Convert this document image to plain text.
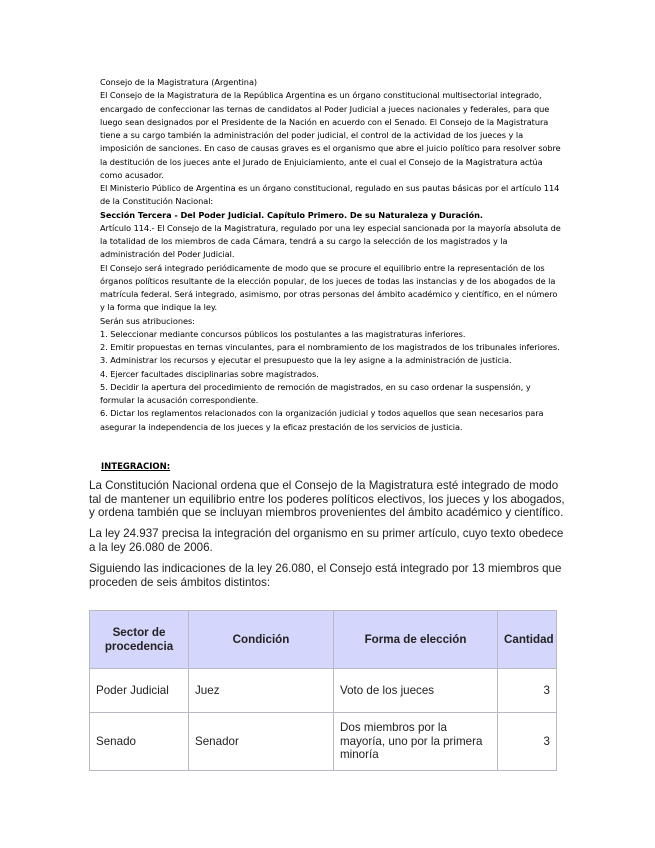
Consejo de la Magistratura (Argentina)

El Consejo de la Magistratura de la República Argentina es un órgano constitucional multisectorial integrado, encargado de confeccionar las ternas de candidatos al Poder Judicial a jueces nacionales y federales, para que luego sean designados por el Presidente de la Nación en acuerdo con el Senado. El Consejo de la Magistratura tiene a su cargo también la administración del poder judicial, el control de la actividad de los jueces y la imposición de sanciones. En caso de causas graves es el organismo que abre el juicio político para resolver sobre la destitución de los jueces ante el Jurado de Enjuiciamiento, ante el cual el Consejo de la Magistratura actúa como acusador.

El Ministerio Público de Argentina es un órgano constitucional, regulado en sus pautas básicas por el artículo 114 de la Constitución Nacional:

Sección Tercera - Del Poder Judicial. Capítulo Primero. De su Naturaleza y Duración.

Artículo 114.- El Consejo de la Magistratura, regulado por una ley especial sancionada por la mayoría absoluta de la totalidad de los miembros de cada Cámara, tendrá a su cargo la selección de los magistrados y la administración del Poder Judicial.

El Consejo será integrado periódicamente de modo que se procure el equilibrio entre la representación de los órganos políticos resultante de la elección popular, de los jueces de todas las instancias y de los abogados de la matrícula federal. Será integrado, asimismo, por otras personas del ámbito académico y científico, en el número y la forma que indique la ley.

Serán sus atribuciones:

1. Seleccionar mediante concursos públicos los postulantes a las magistraturas inferiores.

2. Emitir propuestas en ternas vinculantes, para el nombramiento de los magistrados de los tribunales inferiores.

3. Administrar los recursos y ejecutar el presupuesto que la ley asigne a la administración de justicia.

4. Ejercer facultades disciplinarias sobre magistrados.

5. Decidir la apertura del procedimiento de remoción de magistrados, en su caso ordenar la suspensión, y formular la acusación correspondiente.

6. Dictar los reglamentos relacionados con la organización judicial y todos aquellos que sean necesarios para asegurar la independencia de los jueces y la eficaz prestación de los servicios de justicia.

INTEGRACION:

La Constitución Nacional ordena que el Consejo de la Magistratura esté integrado de modo tal de mantener un equilibrio entre los poderes políticos electivos, los jueces y los abogados, y ordena también que se incluyan miembros provenientes del ámbito académico y científico.

La ley 24.937 precisa la integración del organismo en su primer artículo, cuyo texto obedece a la ley 26.080 de 2006.

Siguiendo las indicaciones de la ley 26.080, el Consejo está integrado por 13 miembros que proceden de seis ámbitos distintos:

Sector de procedencia	Condición	Forma de elección	Cantidad
Poder Judicial	Juez	Voto de los jueces	3
Senado	Senador	Dos miembros por la mayoría, uno por la primera minoría	3
